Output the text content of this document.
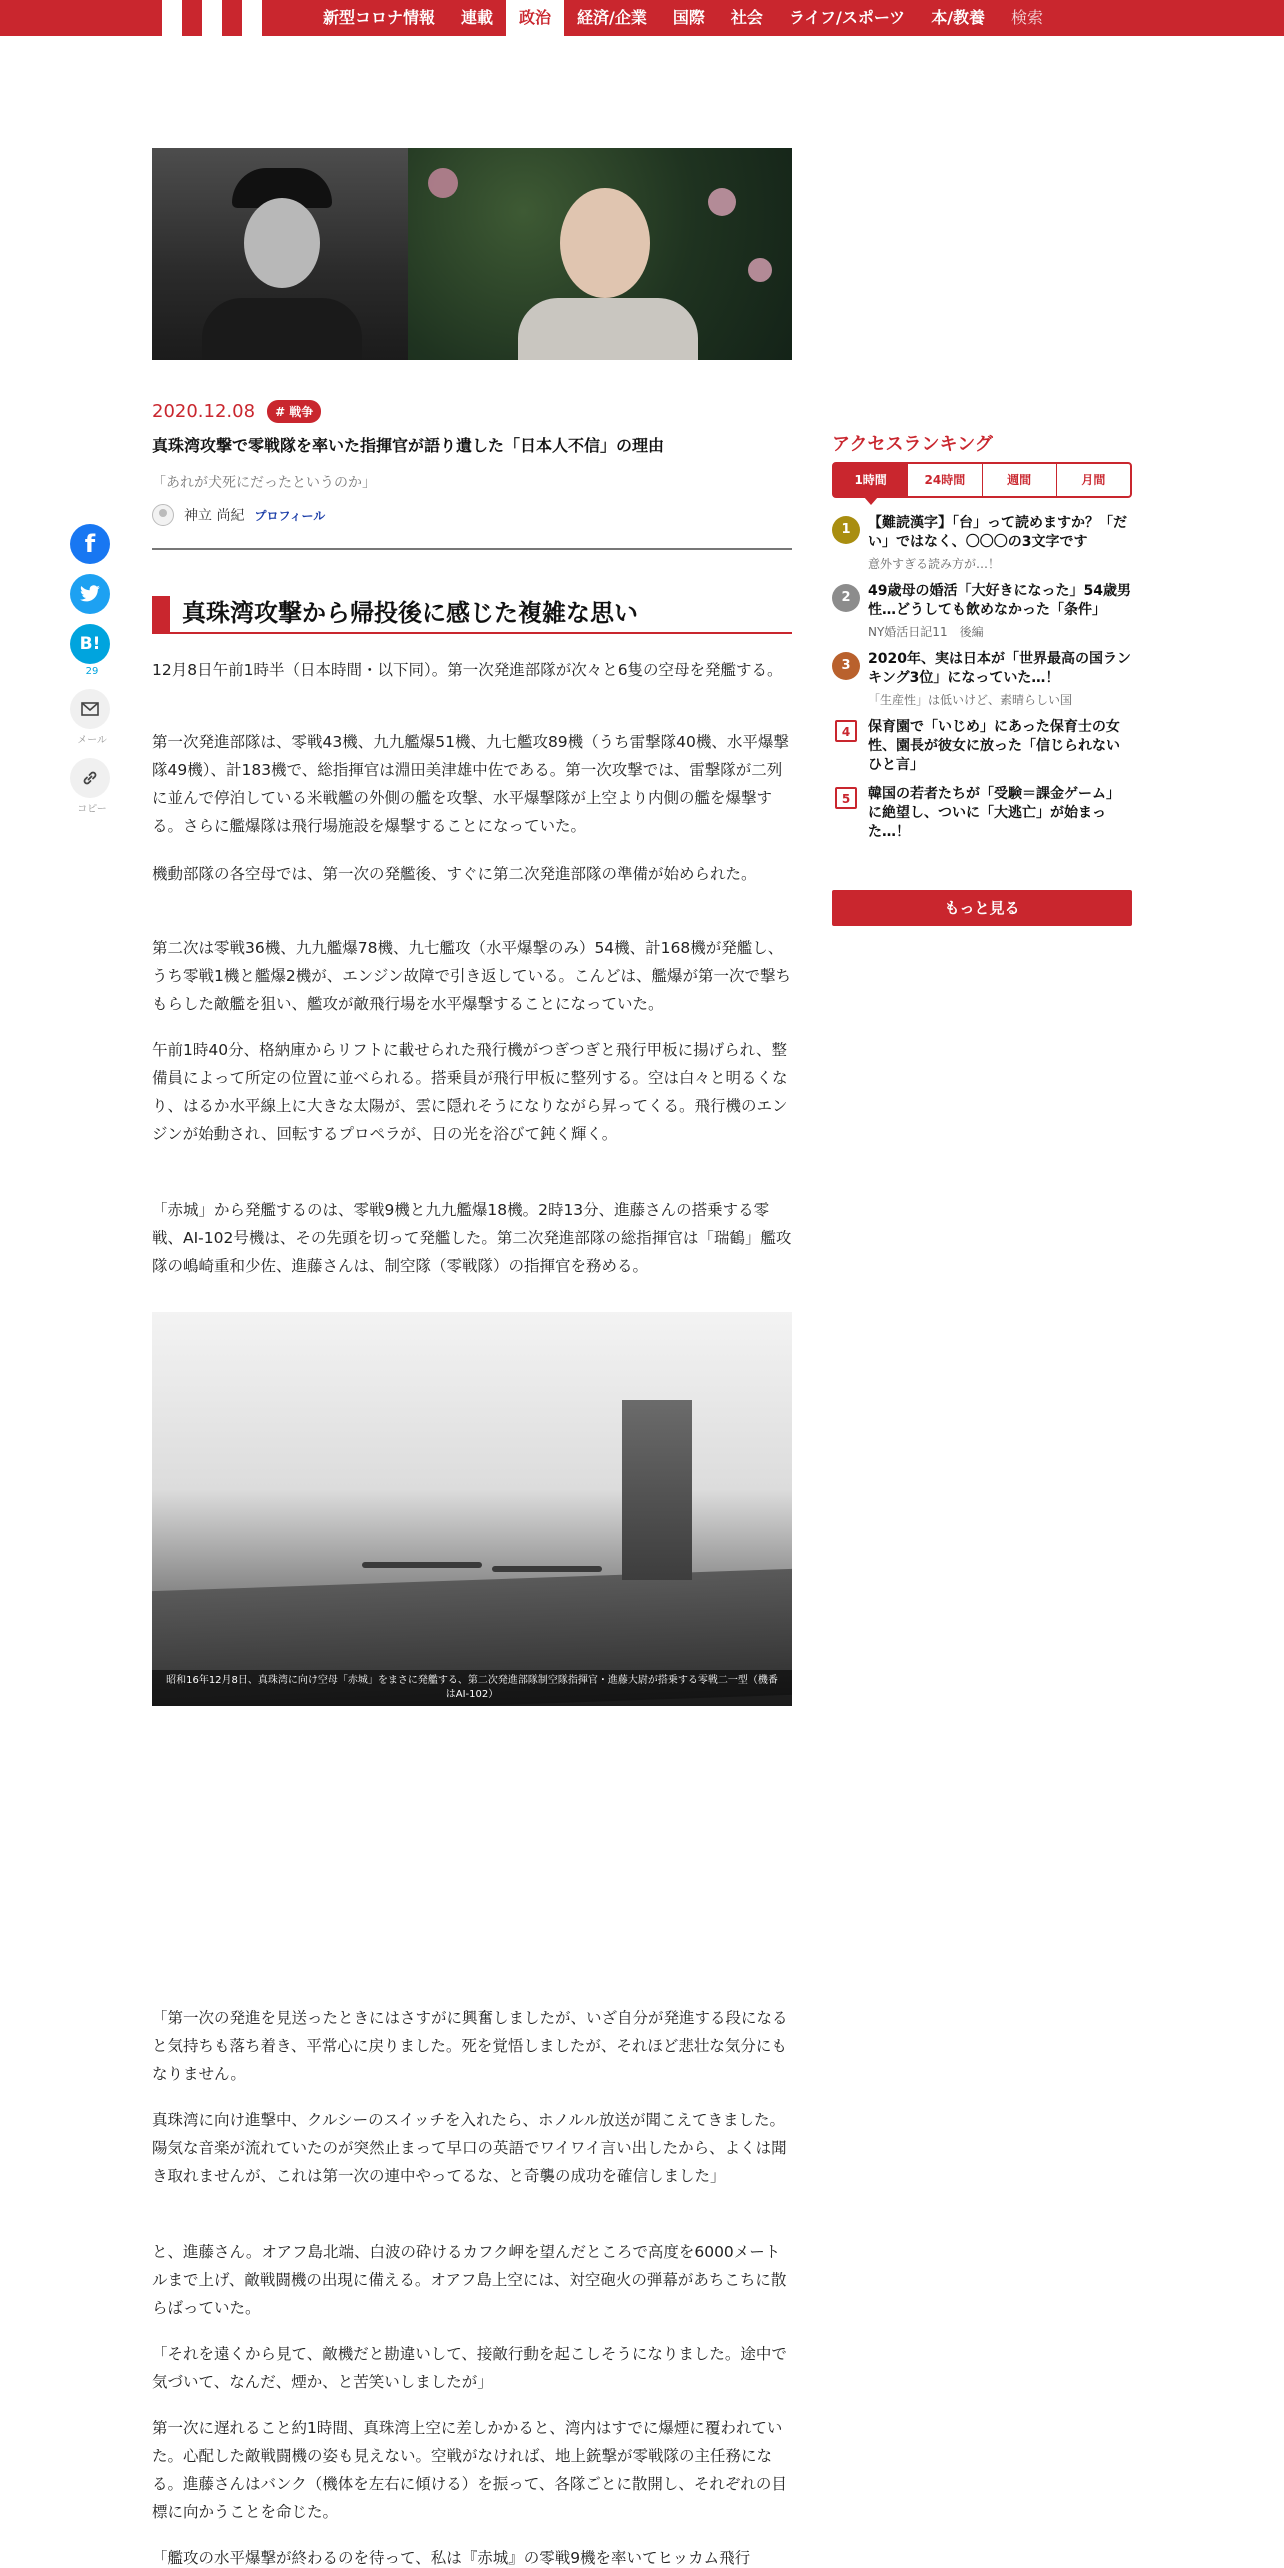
新型コロナ情報	連載	政治	経済/企業	国際	社会	ライフ/スポーツ	本/教養	検索
2020.12.08	# 戦争
真珠湾攻撃で零戦隊を率いた指揮官が語り遺した「日本人不信」の理由
「あれが犬死にだったというのか」
神立 尚紀 プロフィール
f
B!
29
メール
コピー
真珠湾攻撃から帰投後に感じた複雑な思い

12月8日午前1時半（日本時間・以下同）。第一次発進部隊が次々と6隻の空母を発艦する。

第一次発進部隊は、零戦43機、九九艦爆51機、九七艦攻89機（うち雷撃隊40機、水平爆撃隊49機）、計183機で、総指揮官は淵田美津雄中佐である。第一次攻撃では、雷撃隊が二列に並んで停泊している米戦艦の外側の艦を攻撃、水平爆撃隊が上空より内側の艦を爆撃する。さらに艦爆隊は飛行場施設を爆撃することになっていた。

機動部隊の各空母では、第一次の発艦後、すぐに第二次発進部隊の準備が始められた。

第二次は零戦36機、九九艦爆78機、九七艦攻（水平爆撃のみ）54機、計168機が発艦し、うち零戦1機と艦爆2機が、エンジン故障で引き返している。こんどは、艦爆が第一次で撃ちもらした敵艦を狙い、艦攻が敵飛行場を水平爆撃することになっていた。

午前1時40分、格納庫からリフトに載せられた飛行機がつぎつぎと飛行甲板に揚げられ、整備員によって所定の位置に並べられる。搭乗員が飛行甲板に整列する。空は白々と明るくなり、はるか水平線上に大きな太陽が、雲に隠れそうになりながら昇ってくる。飛行機のエンジンが始動され、回転するプロペラが、日の光を浴びて鈍く輝く。

「赤城」から発艦するのは、零戦9機と九九艦爆18機。2時13分、進藤さんの搭乗する零戦、AI-102号機は、その先頭を切って発艦した。第二次発進部隊の総指揮官は「瑞鶴」艦攻隊の嶋崎重和少佐、進藤さんは、制空隊（零戦隊）の指揮官を務める。

昭和16年12月8日、真珠湾に向け空母「赤城」をまさに発艦する、第二次発進部隊制空隊指揮官・進藤大尉が搭乗する零戦二一型（機番はAI-102）

「第一次の発進を見送ったときにはさすがに興奮しましたが、いざ自分が発進する段になると気持ちも落ち着き、平常心に戻りました。死を覚悟しましたが、それほど悲壮な気分にもなりません。

真珠湾に向け進撃中、クルシーのスイッチを入れたら、ホノルル放送が聞こえてきました。陽気な音楽が流れていたのが突然止まって早口の英語でワイワイ言い出したから、よくは聞き取れませんが、これは第一次の連中やってるな、と奇襲の成功を確信しました」

と、進藤さん。オアフ島北端、白波の砕けるカフク岬を望んだところで高度を6000メートルまで上げ、敵戦闘機の出現に備える。オアフ島上空には、対空砲火の弾幕があちこちに散らばっていた。

「それを遠くから見て、敵機だと勘違いして、接敵行動を起こしそうになりました。途中で気づいて、なんだ、煙か、と苦笑いしましたが」

第一次に遅れること約1時間、真珠湾上空に差しかかると、湾内はすでに爆煙に覆われていた。心配した敵戦闘機の姿も見えない。空戦がなければ、地上銃撃が零戦隊の主任務になる。進藤さんはバンク（機体を左右に傾ける）を振って、各隊ごとに散開し、それぞれの目標に向かうことを命じた。

「艦攻の水平爆撃が終わるのを待って、私は『赤城』の零戦9機を率いてヒッカム飛行

アクセスランキング
1時間	24時間	週間	月間
1	【難読漢字】「台」って読めますか？「だい」ではなく、〇〇〇の3文字です
意外すぎる読み方が…！
2	49歳母の婚活「大好きになった」54歳男性…どうしても飲めなかった「条件」
NY婚活日記11　後編
3	2020年、実は日本が「世界最高の国ランキング3位」になっていた…！
「生産性」は低いけど、素晴らしい国
4	保育園で「いじめ」にあった保育士の女性、園長が彼女に放った「信じられないひと言」
5	韓国の若者たちが「受験＝課金ゲーム」に絶望し、ついに「大逃亡」が始まった…！
もっと見る
